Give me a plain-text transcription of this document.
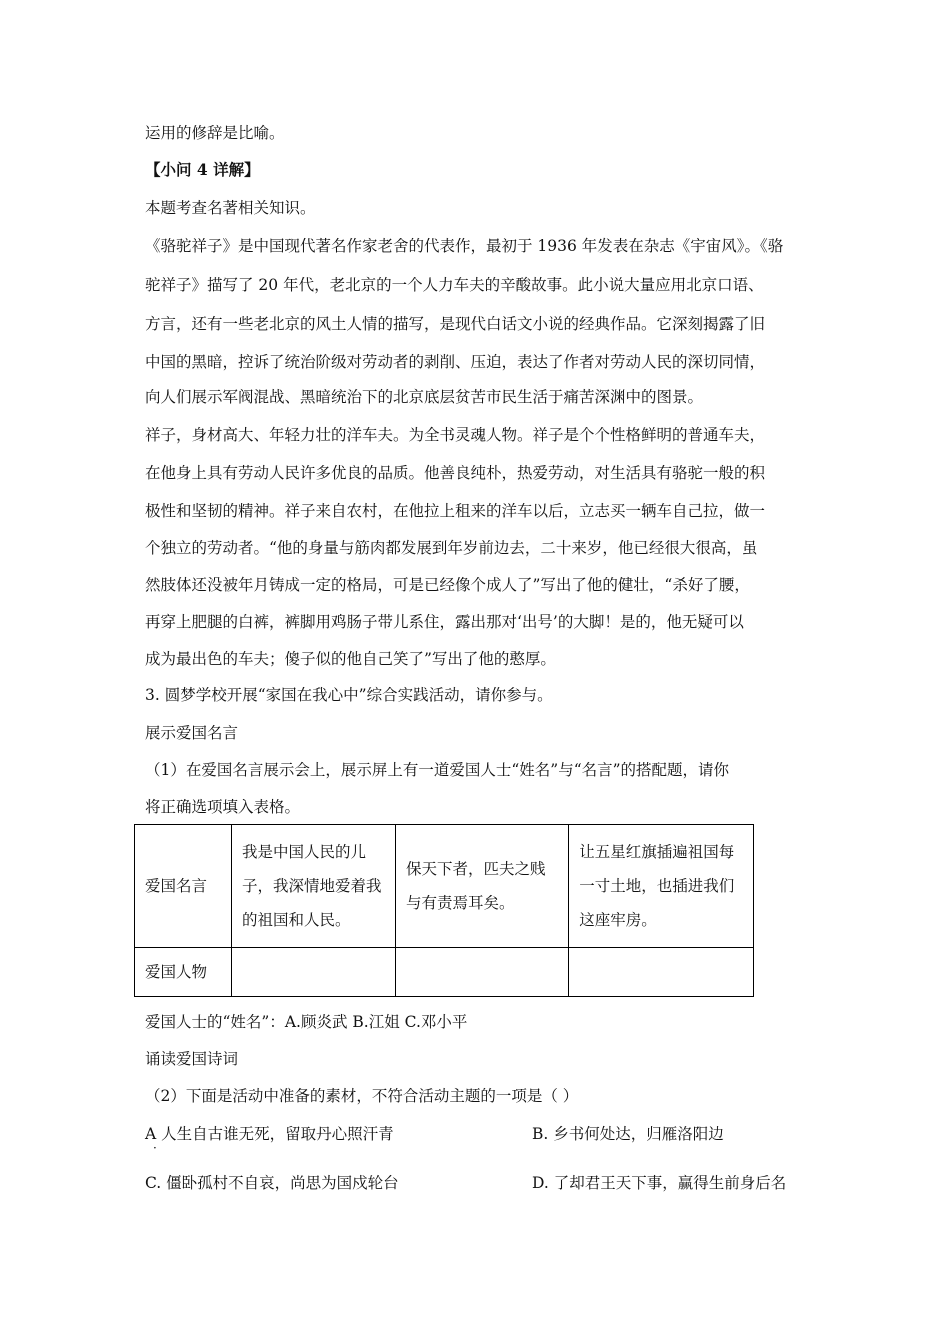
运用的修辞是比喻。
【小问 4 详解】
本题考查名著相关知识。
《骆驼祥子》是中国现代著名作家老舍的代表作，最初于 1936 年发表在杂志《宇宙风》。《骆
驼祥子》描写了 20 年代，老北京的一个人力车夫的辛酸故事。此小说大量应用北京口语、
方言，还有一些老北京的风土人情的描写，是现代白话文小说的经典作品。它深刻揭露了旧
中国的黑暗，控诉了统治阶级对劳动者的剥削、压迫，表达了作者对劳动人民的深切同情，
向人们展示军阀混战、黑暗统治下的北京底层贫苦市民生活于痛苦深渊中的图景。
祥子，身材高大、年轻力壮的洋车夫。为全书灵魂人物。祥子是个个性格鲜明的普通车夫，
在他身上具有劳动人民许多优良的品质。他善良纯朴，热爱劳动，对生活具有骆驼一般的积
极性和坚韧的精神。祥子来自农村，在他拉上租来的洋车以后，立志买一辆车自己拉，做一
个独立的劳动者。“他的身量与筋肉都发展到年岁前边去，二十来岁，他已经很大很高，虽
然肢体还没被年月铸成一定的格局，可是已经像个成人了”写出了他的健壮，“杀好了腰，
再穿上肥腿的白裤，裤脚用鸡肠子带儿系住，露出那对‘出号’的大脚！是的，他无疑可以
成为最出色的车夫；傻子似的他自己笑了”写出了他的憨厚。
3. 圆梦学校开展“家国在我心中”综合实践活动，请你参与。
展示爱国名言
（1）在爱国名言展示会上，展示屏上有一道爱国人士“姓名”与“名言”的搭配题，请你
将正确选项填入表格。
爱国名言	我是中国人民的儿子，我深情地爱着我的祖国和人民。	保天下者，匹夫之贱与有责焉耳矣。	让五星红旗插遍祖国每一寸土地，也插进我们这座牢房。
爱国人物			
爱国人士的“姓名”：A.顾炎武 B.江姐 C.邓小平
诵读爱国诗词
（2）下面是活动中准备的素材，不符合活动主题的一项是（ ）
A 人生自古谁无死，留取丹心照汗青
·
B. 乡书何处达，归雁洛阳边
C. 僵卧孤村不自哀，尚思为国戍轮台	D. 了却君王天下事，赢得生前身后名
